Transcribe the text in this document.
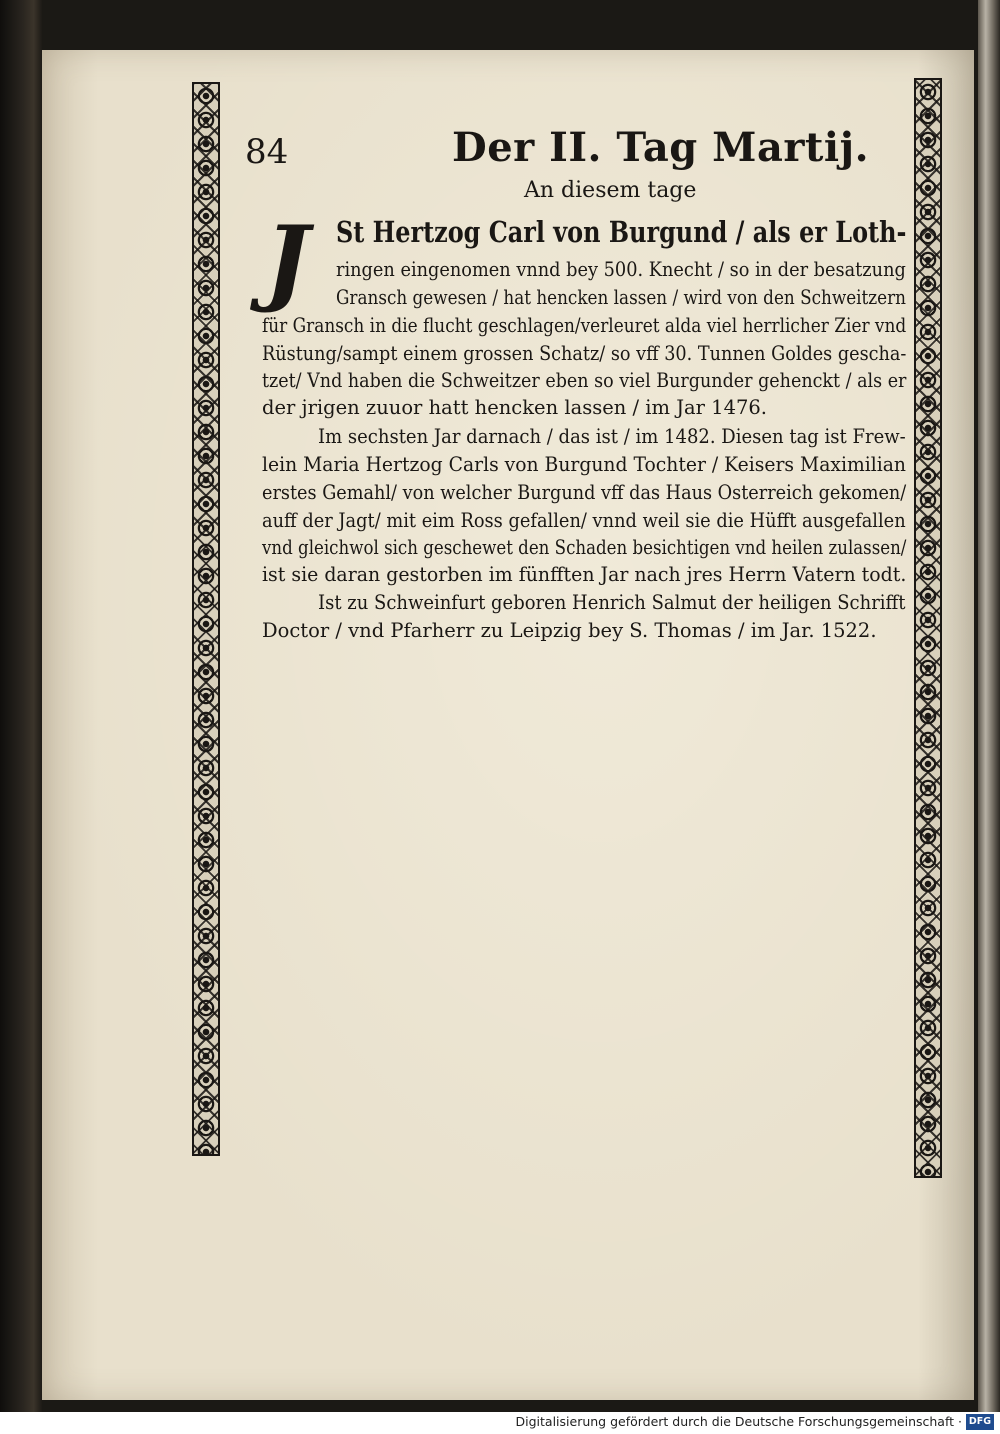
84	Der II. Tag Martij.

An diesem tage

J St Hertzog Carl von Burgund / als er Loth-

ringen eingenomen vnnd bey 500. Knecht / so in der besatzung

Gransch gewesen / hat hencken lassen / wird von den Schweitzern

für Gransch in die flucht geschlagen/verleuret alda viel herrlicher Zier vnd

Rüstung/sampt einem grossen Schatz/ so vff 30. Tunnen Goldes gescha-

tzet/ Vnd haben die Schweitzer eben so viel Burgunder gehenckt / als er

der jrigen zuuor hatt hencken lassen / im Jar 1476.

Im sechsten Jar darnach / das ist / im 1482. Diesen tag ist Frew-

lein Maria Hertzog Carls von Burgund Tochter / Keisers Maximilian

erstes Gemahl/ von welcher Burgund vff das Haus Osterreich gekomen/

auff der Jagt/ mit eim Ross gefallen/ vnnd weil sie die Hüfft ausgefallen

vnd gleichwol sich geschewet den Schaden besichtigen vnd heilen zulassen/

ist sie daran gestorben im fünfften Jar nach jres Herrn Vatern todt.

Ist zu Schweinfurt geboren Henrich Salmut der heiligen Schrifft

Doctor / vnd Pfarherr zu Leipzig bey S. Thomas / im Jar. 1522.

Digitalisierung gefördert durch die Deutsche Forschungsgemeinschaft · DFG
